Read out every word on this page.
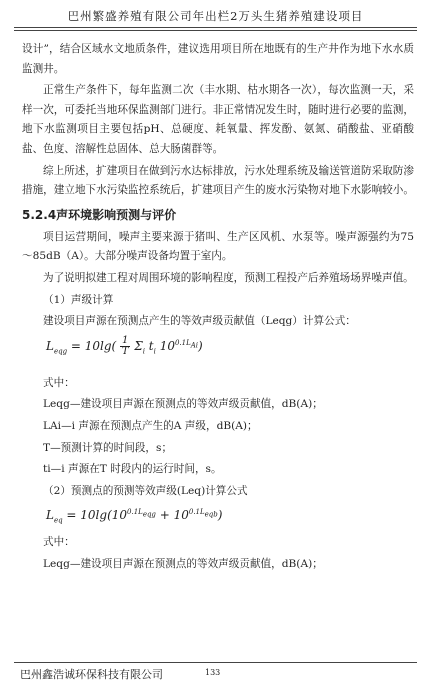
巴州繁盛养殖有限公司年出栏2万头生猪养殖建设项目

设计”，结合区域水文地质条件，建议选用项目所在地既有的生产井作为地下水水质监测井。

正常生产条件下，每年监测二次（丰水期、枯水期各一次），每次监测一天，采样一次，可委托当地环保监测部门进行。非正常情况发生时，随时进行必要的监测，地下水监测项目主要包括pH、总硬度、耗氧量、挥发酚、氨氮、硝酸盐、亚硝酸盐、色度、溶解性总固体、总大肠菌群等。

综上所述，扩建项目在做到污水达标排放，污水处理系统及输送管道防采取防渗措施，建立地下水污染监控系统后，扩建项目产生的废水污染物对地下水影响较小。

5.2.4声环境影响预测与评价

项目运营期间，噪声主要来源于猪叫、生产区风机、水泵等。噪声源强约为75～85dB（A）。大部分噪声设备均置于室内。

为了说明拟建工程对周围环境的影响程度，预测工程投产后养殖场场界噪声值。

（1）声级计算

建设项目声源在预测点产生的等效声级贡献值（Leqg）计算公式：

$L_{eqg} = 10\lg$( 1
T $\Sigma_i$ $t_i$ $10^{0.1L_{Ai}}$)

式中：

Leqg—建设项目声源在预测点的等效声级贡献值，dB(A)；

LAi—i 声源在预测点产生的A 声级，dB(A)；

T—预测计算的时间段，s；

ti—i 声源在T 时段内的运行时间，s。

（2）预测点的预测等效声级(Leq)计算公式

$L_{eq} = 10\lg(10^{0.1L_{eqg}} + 10^{0.1L_{eqb}})$

式中：

Leqg—建设项目声源在预测点的等效声级贡献值，dB(A)；

巴州鑫浩诚环保科技有限公司	133
